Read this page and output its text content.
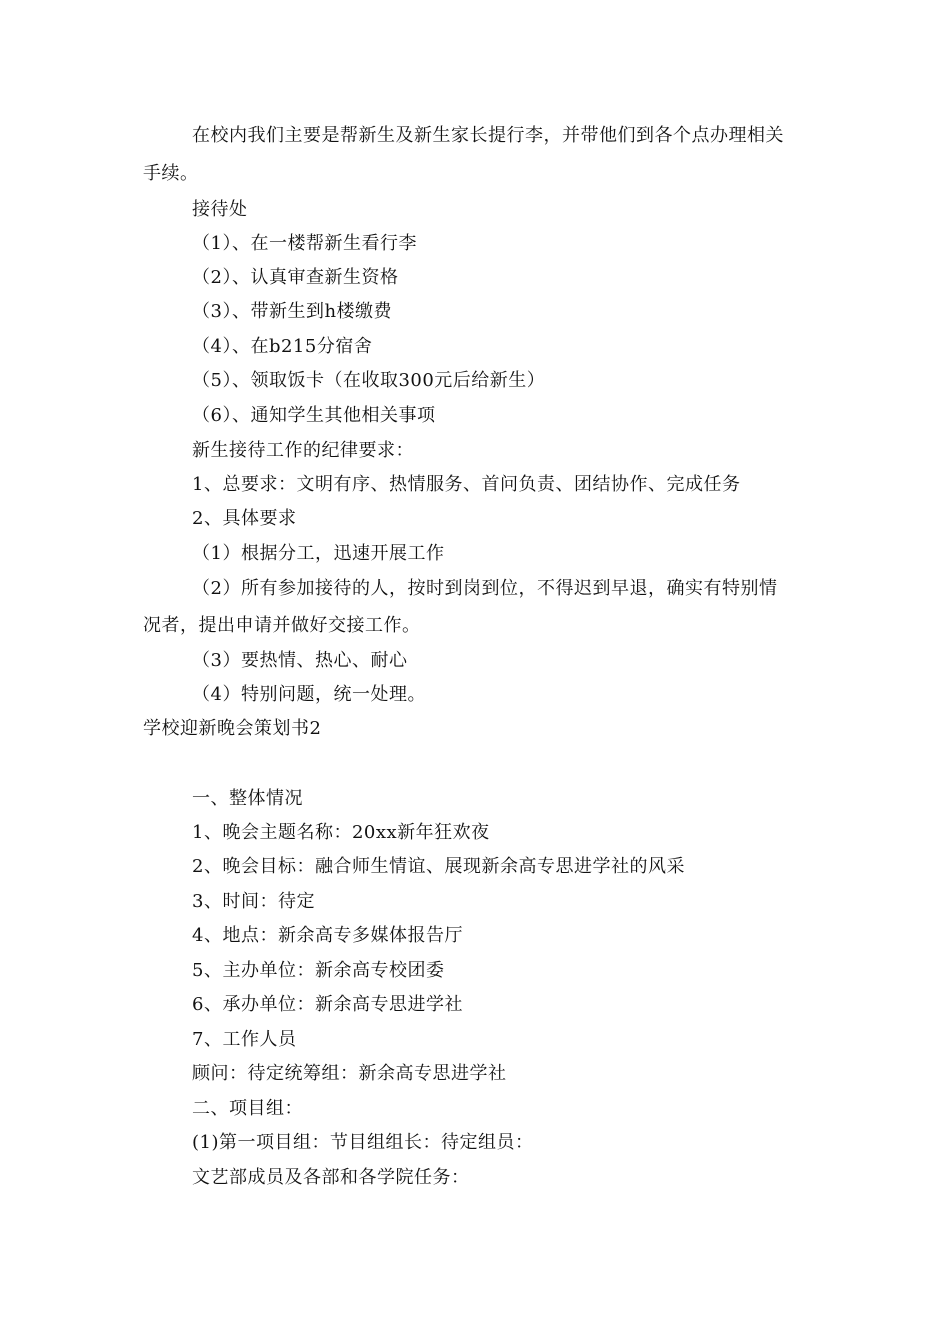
在校内我们主要是帮新生及新生家长提行李，并带他们到各个点办理相关
手续。
接待处
（1）、在一楼帮新生看行李
（2）、认真审查新生资格
（3）、带新生到h楼缴费
（4）、在b215分宿舍
（5）、领取饭卡（在收取300元后给新生）
（6）、通知学生其他相关事项
新生接待工作的纪律要求：
1、总要求：文明有序、热情服务、首问负责、团结协作、完成任务
2、具体要求
（1）根据分工，迅速开展工作
（2）所有参加接待的人，按时到岗到位，不得迟到早退，确实有特别情
况者，提出申请并做好交接工作。
（3）要热情、热心、耐心
（4）特别问题，统一处理。
学校迎新晚会策划书2
一、整体情况
1、晚会主题名称：20xx新年狂欢夜
2、晚会目标：融合师生情谊、展现新余高专思进学社的风采
3、时间：待定
4、地点：新余高专多媒体报告厅
5、主办单位：新余高专校团委
6、承办单位：新余高专思进学社
7、工作人员
顾问：待定统筹组：新余高专思进学社
二、项目组：
(1)第一项目组：节目组组长：待定组员：
文艺部成员及各部和各学院任务：
